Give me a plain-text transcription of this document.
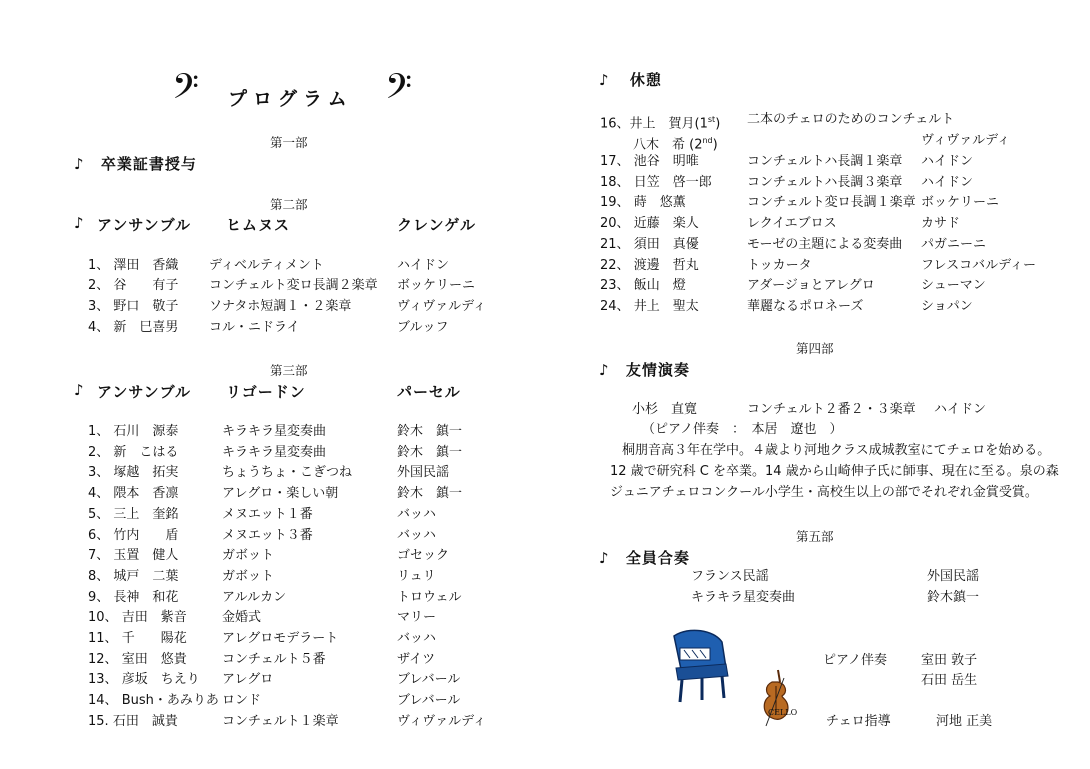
𝄢 プログラム 𝄢
第一部
♪ 卒業証書授与
第二部
♪ アンサンブル ヒムヌス	クレンゲル
1、 澤田　香織 ディベルティメント	ハイドン
2、 谷　　有子 コンチェルト変ロ長調２楽章 ボッケリーニ
3、 野口　敬子 ソナタホ短調１・２楽章	ヴィヴァルディ
4、 新　巳喜男 コル・ニドライ	ブルッフ
第三部
♪ アンサンブル リゴードン	パーセル
1、 石川　源泰	キラキラ星変奏曲	鈴木　鎮一
2、 新　こはる	キラキラ星変奏曲	鈴木　鎮一
3、 塚越　拓実	ちょうちょ・こぎつね	外国民謡
4、 隈本　香凛	アレグロ・楽しい朝	鈴木　鎮一
5、 三上　奎銘	メヌエット１番	バッハ
6、 竹内　　盾	メヌエット３番	バッハ
7、 玉置　健人	ガボット	ゴセック
8、 城戸　二葉	ガボット	リュリ
9、 長神　和花	アルルカン	トロウェル
10、 吉田　紫音	金婚式	マリー
11、 千　　陽花	アレグロモデラート	バッハ
12、 室田　悠貴	コンチェルト５番	ザイツ
13、 彦坂　ちえり アレグロ	ブレバール
14、 Bush・あみりあ ロンド	ブレバール
15. 石田　誠貴	コンチェルト１楽章	ヴィヴァルディ
♪ 休憩
16、井上　賀月(1st) 二本のチェロのためのコンチェルト
八木　希 (2nd)	ヴィヴァルディ
17、 池谷　明唯	コンチェルトハ長調１楽章 ハイドン
18、 日笠　啓一郎	コンチェルトハ長調３楽章 ハイドン
19、 蒔　悠薫	コンチェルト変ロ長調１楽章 ボッケリーニ
20、 近藤　楽人	レクイエブロス	カサド
21、 須田　真優	モーゼの主題による変奏曲 パガニーニ
22、 渡邊　哲丸	トッカータ	フレスコバルディー
23、 飯山　燈	アダージョとアレグロ	シューマン
24、 井上　聖太	華麗なるポロネーズ	ショパン
第四部
♪ 友情演奏
小杉　直寛	コンチェルト２番２・３楽章 ハイドン
（ピアノ伴奏　：　本居　遼也　）
桐朋音高３年在学中。４歳より河地クラス成城教室にてチェロを始める。
12 歳で研究科 C を卒業。14 歳から山崎伸子氏に師事、現在に至る。泉の森
ジュニアチェロコンクール小学生・高校生以上の部でそれぞれ金賞受賞。
第五部
♪ 全員合奏
フランス民謡	外国民謡
キラキラ星変奏曲	鈴木鎮一
CELLO
ピアノ伴奏	室田 敦子
石田 岳生
チェロ指導	河地 正美
